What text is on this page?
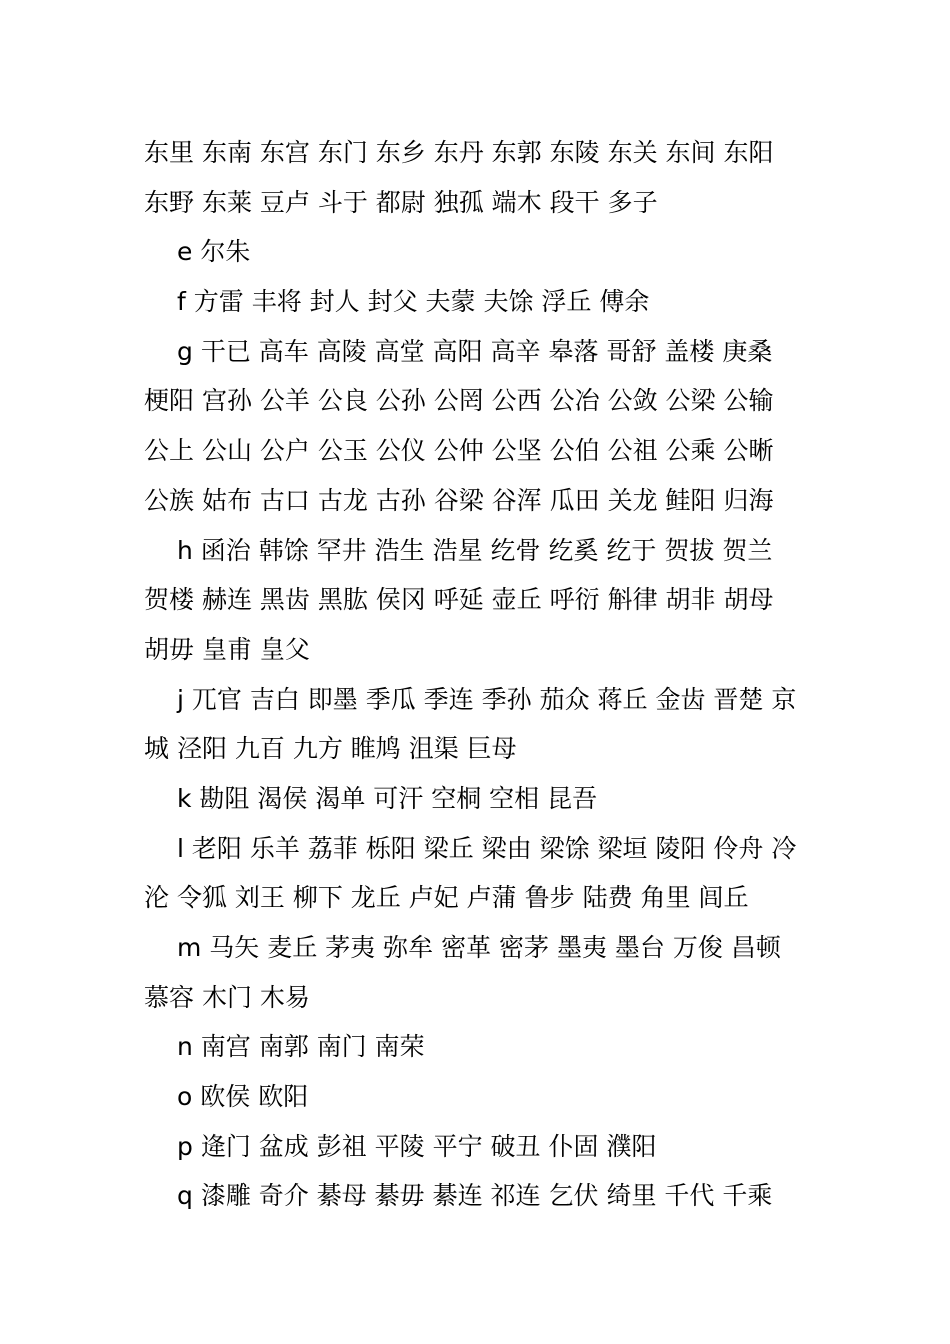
东里 东南 东宫 东门 东乡 东丹 东郭 东陵 东关 东间 东阳
东野 东莱 豆卢 斗于 都尉 独孤 端木 段干 多子
e 尔朱
f 方雷 丰将 封人 封父 夫蒙 夫馀 浮丘 傅余
g 干已 高车 高陵 高堂 高阳 高辛 皋落 哥舒 盖楼 庚桑
梗阳 宫孙 公羊 公良 公孙 公罔 公西 公冶 公敛 公梁 公输
公上 公山 公户 公玉 公仪 公仲 公坚 公伯 公祖 公乘 公晰
公族 姑布 古口 古龙 古孙 谷梁 谷浑 瓜田 关龙 鲑阳 归海
h 函治 韩馀 罕井 浩生 浩星 纥骨 纥奚 纥于 贺拔 贺兰
贺楼 赫连 黑齿 黑肱 侯冈 呼延 壶丘 呼衍 斛律 胡非 胡母
胡毋 皇甫 皇父
j 兀官 吉白 即墨 季瓜 季连 季孙 茄众 蒋丘 金齿 晋楚 京
城 泾阳 九百 九方 睢鸠 沮渠 巨母
k 勘阻 渴侯 渴单 可汗 空桐 空相 昆吾
l 老阳 乐羊 荔菲 栎阳 梁丘 梁由 梁馀 梁垣 陵阳 伶舟 冷
沦 令狐 刘王 柳下 龙丘 卢妃 卢蒲 鲁步 陆费 角里 闾丘
m 马矢 麦丘 茅夷 弥牟 密革 密茅 墨夷 墨台 万俊 昌顿
慕容 木门 木易
n 南宫 南郭 南门 南荣
o 欧侯 欧阳
p 逄门 盆成 彭祖 平陵 平宁 破丑 仆固 濮阳
q 漆雕 奇介 綦母 綦毋 綦连 祁连 乞伏 绮里 千代 千乘
